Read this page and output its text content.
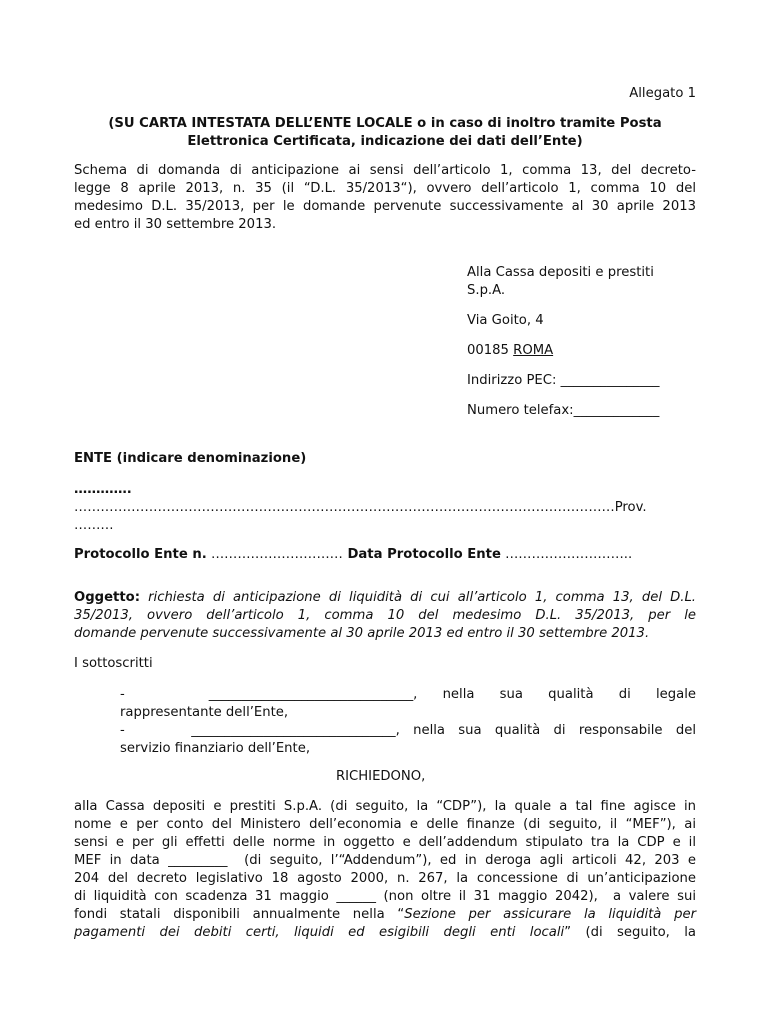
Allegato 1
(SU CARTA INTESTATA DELL’ENTE LOCALE o in caso di inoltro tramite Posta
Elettronica Certificata, indicazione dei dati dell’Ente)
Schema di domanda di anticipazione ai sensi dell’articolo 1, comma 13, del decreto-
legge 8 aprile 2013, n. 35 (il “D.L. 35/2013“), ovvero dell’articolo 1, comma 10 del
medesimo D.L. 35/2013, per le domande pervenute successivamente al 30 aprile 2013
ed entro il 30 settembre 2013.
Alla Cassa depositi e prestiti
S.p.A.
Via Goito, 4
00185 ROMA
Indirizzo PEC: _______________
Numero telefax:_____________
ENTE (indicare denominazione)
………….
……………………………………………………………………………………………………………Prov.
………
Protocollo Ente n. ………………………… Data Protocollo Ente ………………………..
Oggetto: richiesta di anticipazione di liquidità di cui all’articolo 1, comma 13, del D.L.
35/2013, ovvero dell’articolo 1, comma 10 del medesimo D.L. 35/2013, per le
domande pervenute successivamente al 30 aprile 2013 ed entro il 30 settembre 2013.
I sottoscritti
-          _______________________________,   nella   sua   qualità   di   legale
rappresentante dell’Ente,
-          _______________________________,  nella  sua  qualità  di  responsabile  del
servizio finanziario dell’Ente,
RICHIEDONO,
alla Cassa depositi e prestiti S.p.A. (di seguito, la “CDP”), la quale a tal fine agisce in
nome e per conto del Ministero dell’economia e delle finanze (di seguito, il “MEF”), ai
sensi e per gli effetti delle norme in oggetto e dell’addendum stipulato tra la CDP e il
MEF in data _________  (di seguito, l’“Addendum”), ed in deroga agli articoli 42, 203 e
204 del decreto legislativo 18 agosto 2000, n. 267, la concessione di un’anticipazione
di liquidità con scadenza 31 maggio ______ (non oltre il 31 maggio 2042),  a valere sui
fondi statali disponibili annualmente nella “Sezione per assicurare la liquidità per
pagamenti dei debiti certi, liquidi ed esigibili degli enti locali” (di seguito, la
